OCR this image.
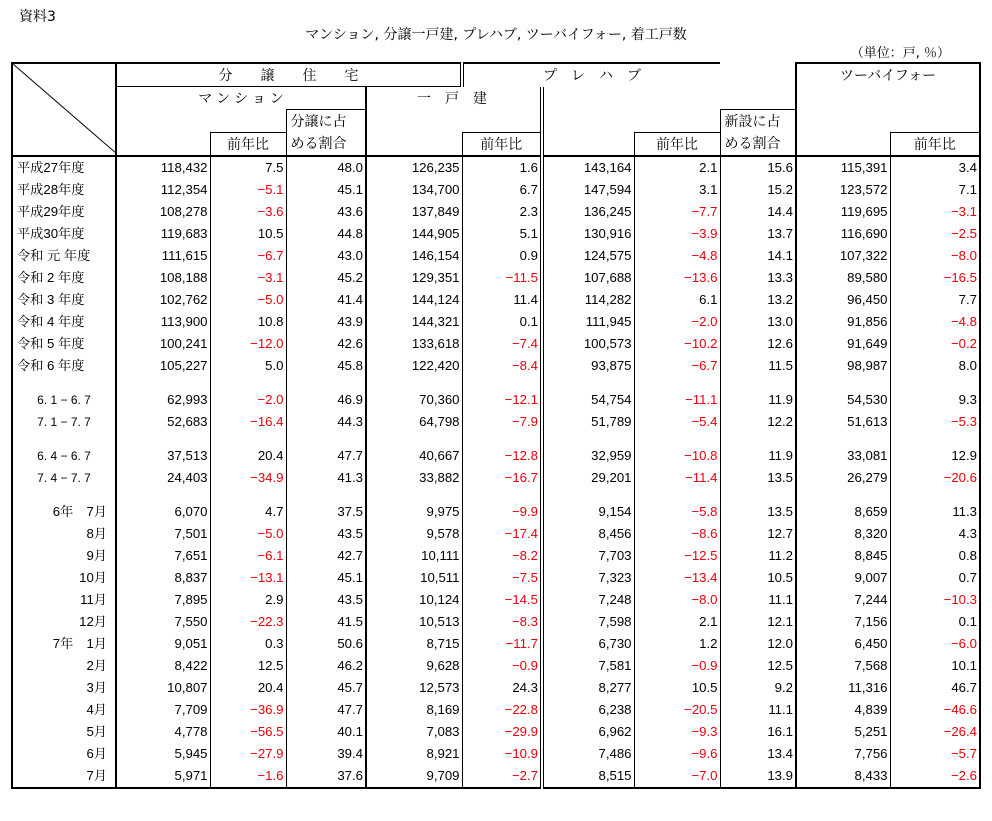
資料3
マンション, 分譲一戸建, プレハブ, ツーバイフォー, 着工戸数
（単位：戸, ％）
	分　　譲　　住　　宅				プ　レ　ハ　ブ				ツーバイフォー	
	マ ン シ ョ ン			一　戸　建						
			分譲に占					新設に占		
		前年比	める割合		前年比		前年比	める割合		前年比
平成27年度	118,432	7.5	48.0	126,235	1.6	143,164	2.1	15.6	115,391	3.4
平成28年度	112,354	−5.1	45.1	134,700	6.7	147,594	3.1	15.2	123,572	7.1
平成29年度	108,278	−3.6	43.6	137,849	2.3	136,245	−7.7	14.4	119,695	−3.1
平成30年度	119,683	10.5	44.8	144,905	5.1	130,916	−3.9	13.7	116,690	−2.5
令和 元 年度	111,615	−6.7	43.0	146,154	0.9	124,575	−4.8	14.1	107,322	−8.0
令和 2 年度	108,188	−3.1	45.2	129,351	−11.5	107,688	−13.6	13.3	89,580	−16.5
令和 3 年度	102,762	−5.0	41.4	144,124	11.4	114,282	6.1	13.2	96,450	7.7
令和 4 年度	113,900	10.8	43.9	144,321	0.1	111,945	−2.0	13.0	91,856	−4.8
令和 5 年度	100,241	−12.0	42.6	133,618	−7.4	100,573	−10.2	12.6	91,649	−0.2
令和 6 年度	105,227	5.0	45.8	122,420	−8.4	93,875	−6.7	11.5	98,987	8.0

6. 1 − 6. 7	62,993	−2.0	46.9	70,360	−12.1	54,754	−11.1	11.9	54,530	9.3
7. 1 − 7. 7	52,683	−16.4	44.3	64,798	−7.9	51,789	−5.4	12.2	51,613	−5.3

6. 4 − 6. 7	37,513	20.4	47.7	40,667	−12.8	32,959	−10.8	11.9	33,081	12.9
7. 4 − 7. 7	24,403	−34.9	41.3	33,882	−16.7	29,201	−11.4	13.5	26,279	−20.6

6年　7月	6,070	4.7	37.5	9,975	−9.9	9,154	−5.8	13.5	8,659	11.3
8月	7,501	−5.0	43.5	9,578	−17.4	8,456	−8.6	12.7	8,320	4.3
9月	7,651	−6.1	42.7	10,111	−8.2	7,703	−12.5	11.2	8,845	0.8
10月	8,837	−13.1	45.1	10,511	−7.5	7,323	−13.4	10.5	9,007	0.7
11月	7,895	2.9	43.5	10,124	−14.5	7,248	−8.0	11.1	7,244	−10.3
12月	7,550	−22.3	41.5	10,513	−8.3	7,598	2.1	12.1	7,156	0.1
7年　1月	9,051	0.3	50.6	8,715	−11.7	6,730	1.2	12.0	6,450	−6.0
2月	8,422	12.5	46.2	9,628	−0.9	7,581	−0.9	12.5	7,568	10.1
3月	10,807	20.4	45.7	12,573	24.3	8,277	10.5	9.2	11,316	46.7
4月	7,709	−36.9	47.7	8,169	−22.8	6,238	−20.5	11.1	4,839	−46.6
5月	4,778	−56.5	40.1	7,083	−29.9	6,962	−9.3	16.1	5,251	−26.4
6月	5,945	−27.9	39.4	8,921	−10.9	7,486	−9.6	13.4	7,756	−5.7
7月	5,971	−1.6	37.6	9,709	−2.7	8,515	−7.0	13.9	8,433	−2.6
